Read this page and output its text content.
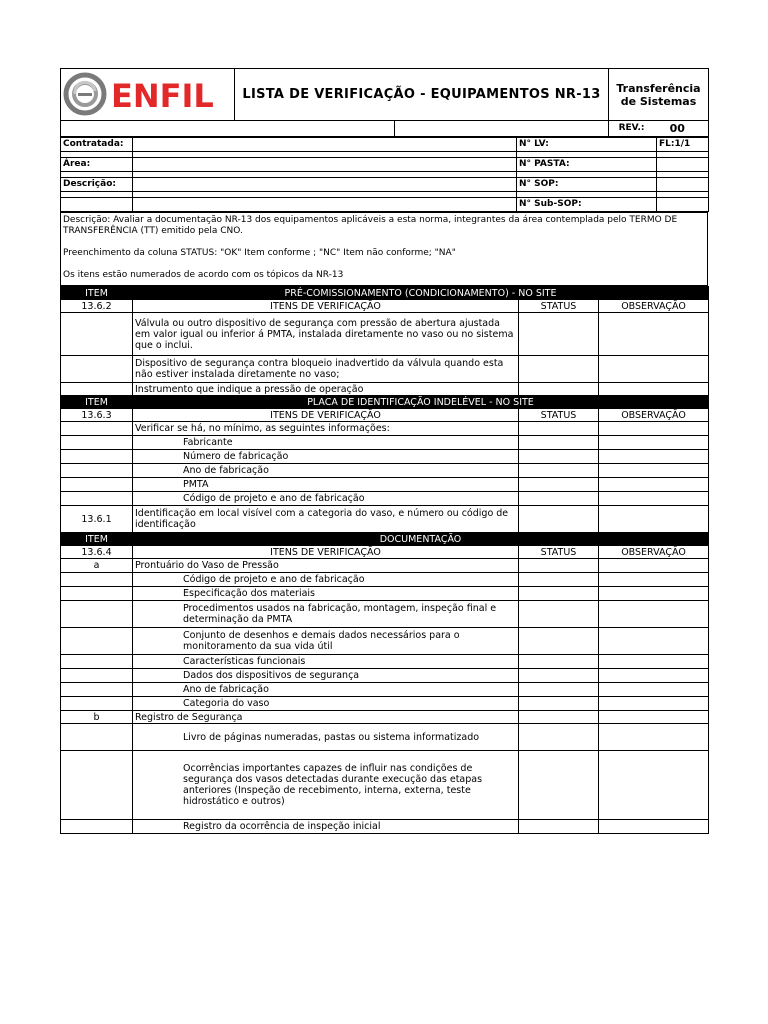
ENFIL	LISTA DE VERIFICAÇÃO - EQUIPAMENTOS NR-13		Transferência de Sistemas	
			REV.:	00
Contratada:		N° LV:	FL:1/1

Área:		N° PASTA:	

Descrição:		N° SOP:	

		N° Sub-SOP:	

Descrição: Avaliar a documentação NR-13 dos equipamentos aplicáveis a esta norma, integrantes da área contemplada pelo TERMO DE TRANSFERÊNCIA (TT) emitido pela CNO.

Preenchimento da coluna STATUS: "OK" Item conforme ; "NC" Item não conforme; "NA"

Os itens estão numerados de acordo com os tópicos da NR-13

ITEM	PRÉ-COMISSIONAMENTO (CONDICIONAMENTO) - NO SITE		
13.6.2	ITENS DE VERIFICAÇÃO	STATUS	OBSERVAÇÃO
	Válvula ou outro dispositivo de segurança com pressão de abertura ajustada em valor igual ou inferior á PMTA, instalada diretamente no vaso ou no sistema que o inclui.		
	Dispositivo de segurança contra bloqueio inadvertido da válvula quando esta não estiver instalada diretamente no vaso;		
	Instrumento que indique a pressão de operação		
ITEM	PLACA DE IDENTIFICAÇÃO INDELÉVEL - NO SITE		
13.6.3	ITENS DE VERIFICAÇÃO	STATUS	OBSERVAÇÃO
	Verificar se há, no mínimo, as seguintes informações:		
	Fabricante		
	Número de fabricação		
	Ano de fabricação		
	PMTA		
	Código de projeto e ano de fabricação		
13.6.1	Identificação em local visível com a categoria do vaso, e número ou código de identificação		
ITEM	DOCUMENTAÇÃO		
13.6.4	ITENS DE VERIFICAÇÃO	STATUS	OBSERVAÇÃO
a	Prontuário do Vaso de Pressão		
	Código de projeto e ano de fabricação		
	Especificação dos materiais		
	Procedimentos usados na fabricação, montagem, inspeção final e determinação da PMTA		
	Conjunto de desenhos e demais dados necessários para o monitoramento da sua vida útil		
	Características funcionais		
	Dados dos dispositivos de segurança		
	Ano de fabricação		
	Categoria do vaso		
b	Registro de Segurança		
	Livro de páginas numeradas, pastas ou sistema informatizado		
	Ocorrências importantes capazes de influir nas condições de segurança dos vasos detectadas durante execução das etapas anteriores (Inspeção de recebimento, interna, externa, teste hidrostático e outros)		
	Registro da ocorrência de inspeção inicial		
